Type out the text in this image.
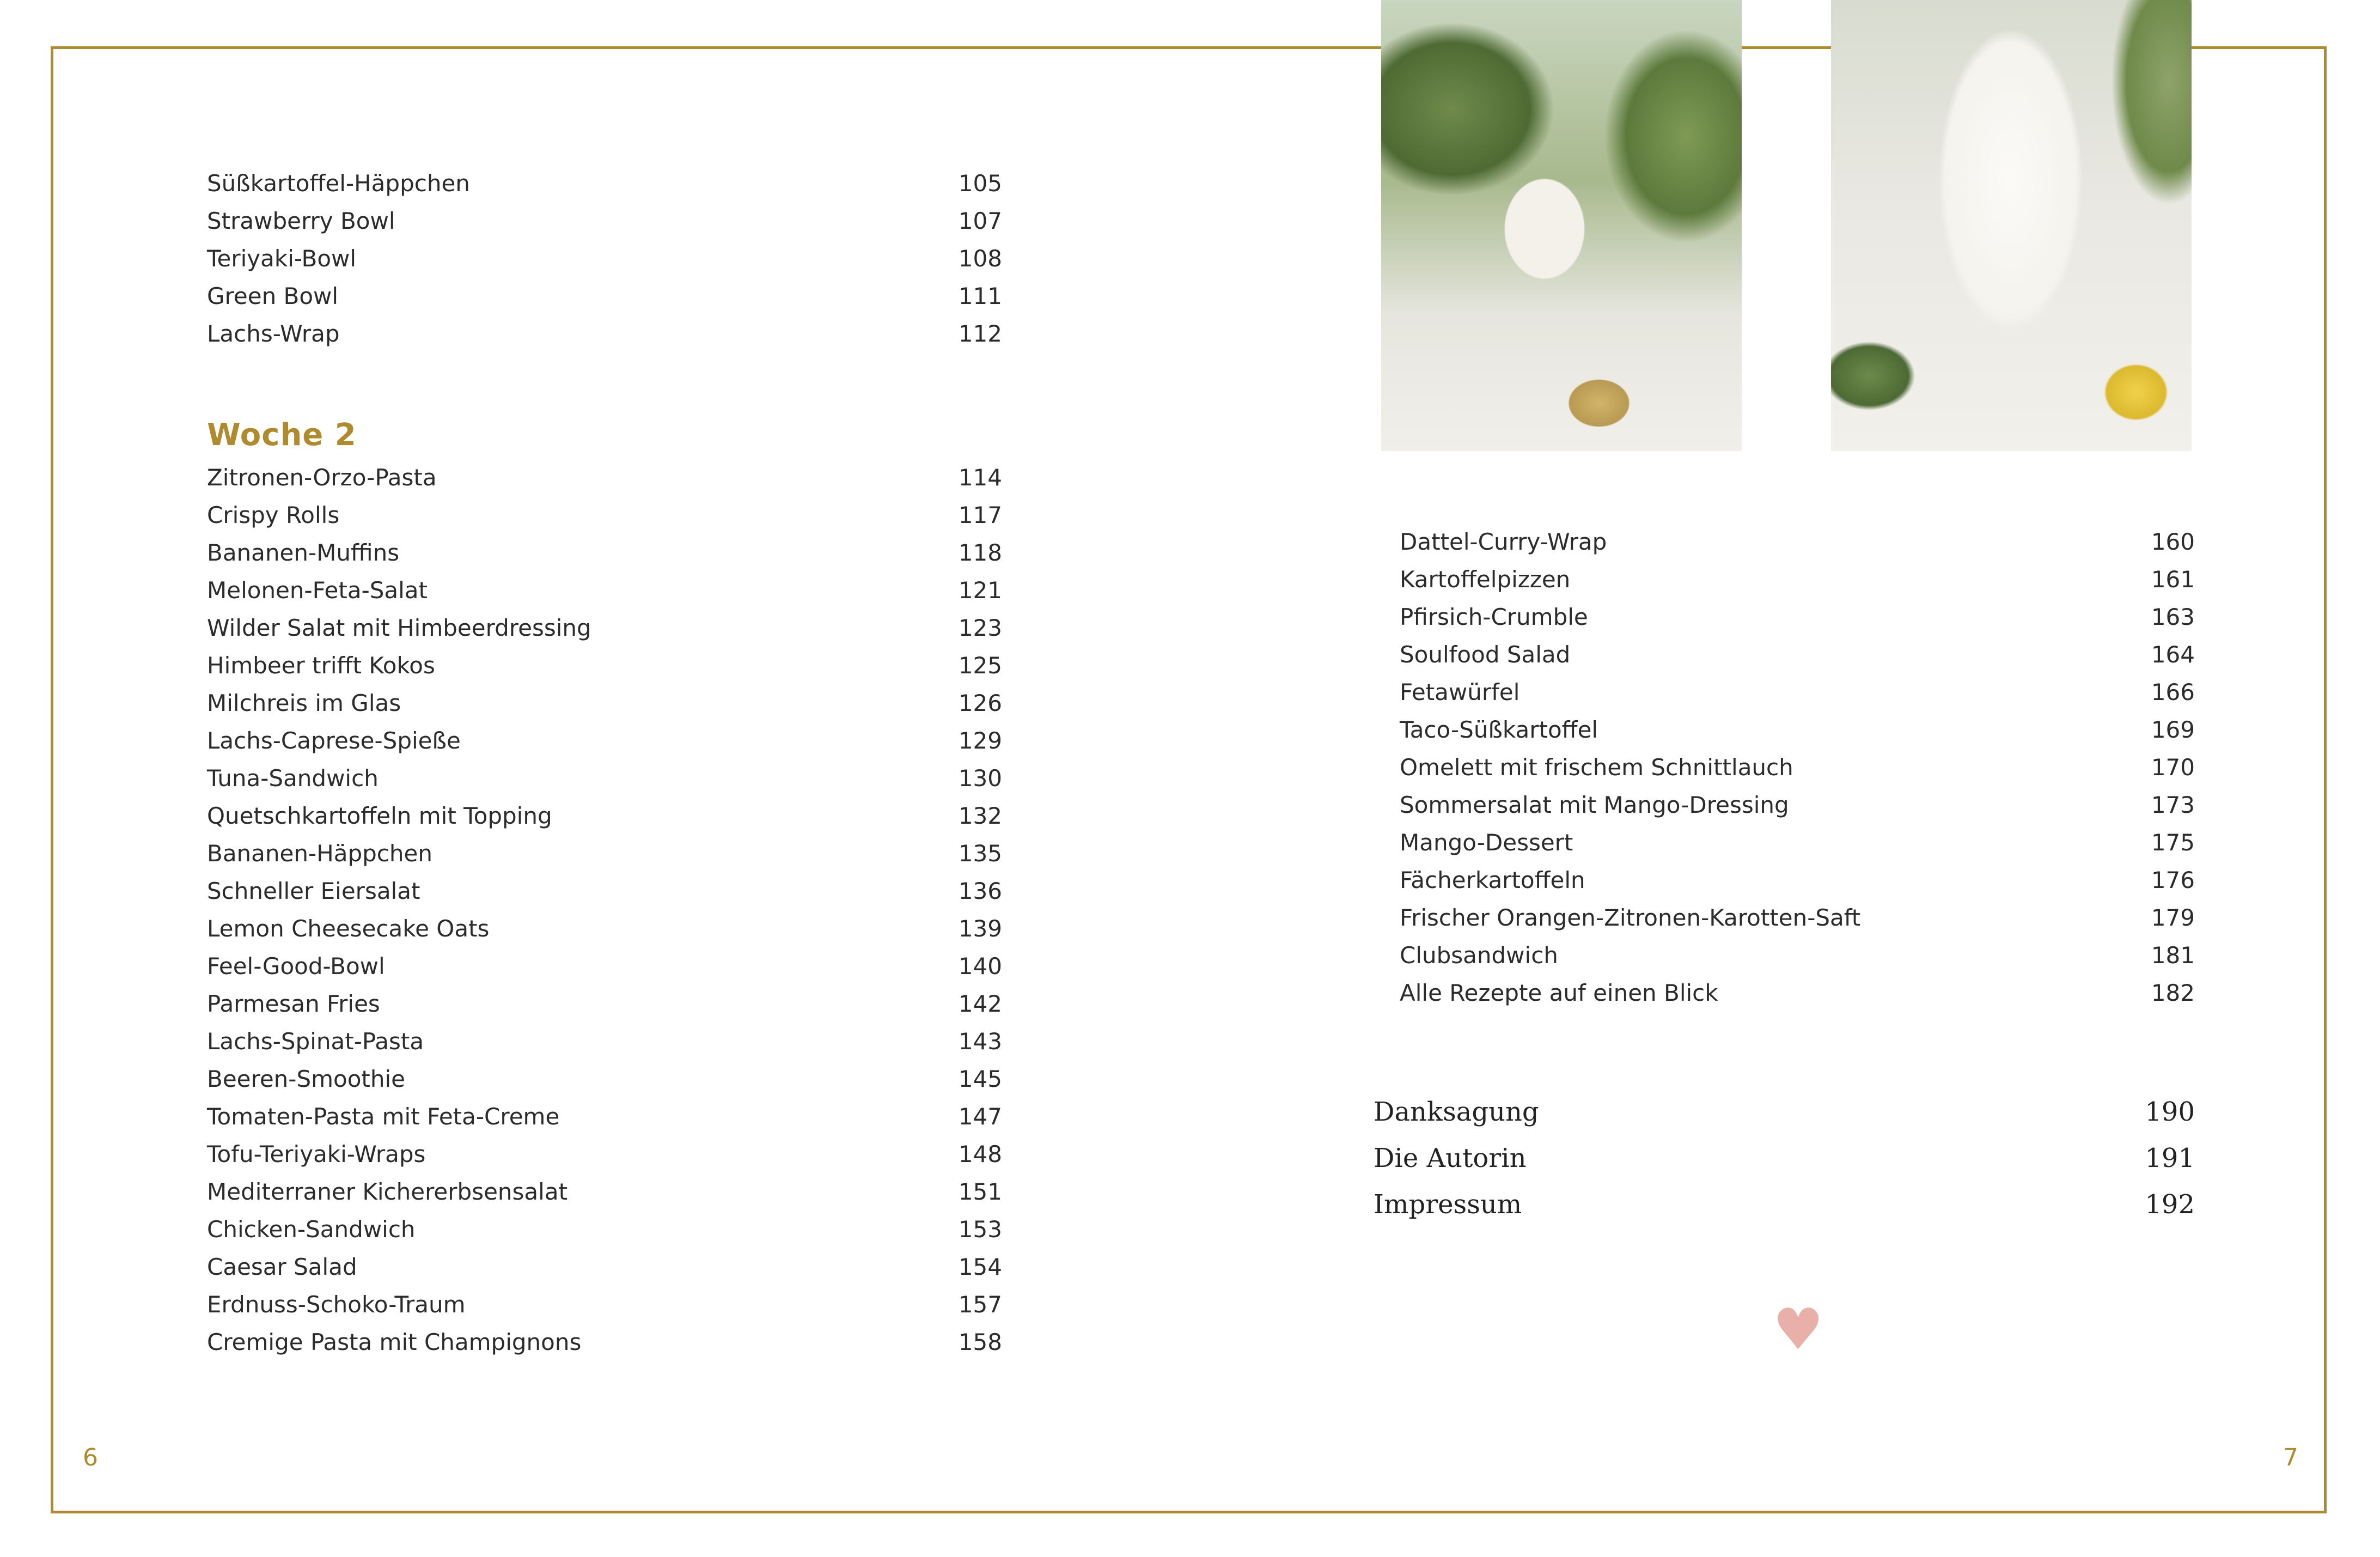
Süßkartoffel-Häppchen	105
Strawberry Bowl	107
Teriyaki-Bowl	108
Green Bowl	111
Lachs-Wrap	112
Woche 2
Zitronen-Orzo-Pasta	114
Crispy Rolls	117
Bananen-Muffins	118
Melonen-Feta-Salat	121
Wilder Salat mit Himbeerdressing	123
Himbeer trifft Kokos	125
Milchreis im Glas	126
Lachs-Caprese-Spieße	129
Tuna-Sandwich	130
Quetschkartoffeln mit Topping	132
Bananen-Häppchen	135
Schneller Eiersalat	136
Lemon Cheesecake Oats	139
Feel-Good-Bowl	140
Parmesan Fries	142
Lachs-Spinat-Pasta	143
Beeren-Smoothie	145
Tomaten-Pasta mit Feta-Creme	147
Tofu-Teriyaki-Wraps	148
Mediterraner Kichererbsensalat	151
Chicken-Sandwich	153
Caesar Salad	154
Erdnuss-Schoko-Traum	157
Cremige Pasta mit Champignons	158
Dattel-Curry-Wrap	160
Kartoffelpizzen	161
Pfirsich-Crumble	163
Soulfood Salad	164
Fetawürfel	166
Taco-Süßkartoffel	169
Omelett mit frischem Schnittlauch	170
Sommersalat mit Mango-Dressing	173
Mango-Dessert	175
Fächerkartoffeln	176
Frischer Orangen-Zitronen-Karotten-Saft	179
Clubsandwich	181
Alle Rezepte auf einen Blick	182
Danksagung	190
Die Autorin	191
Impressum	192
♥
6	7
